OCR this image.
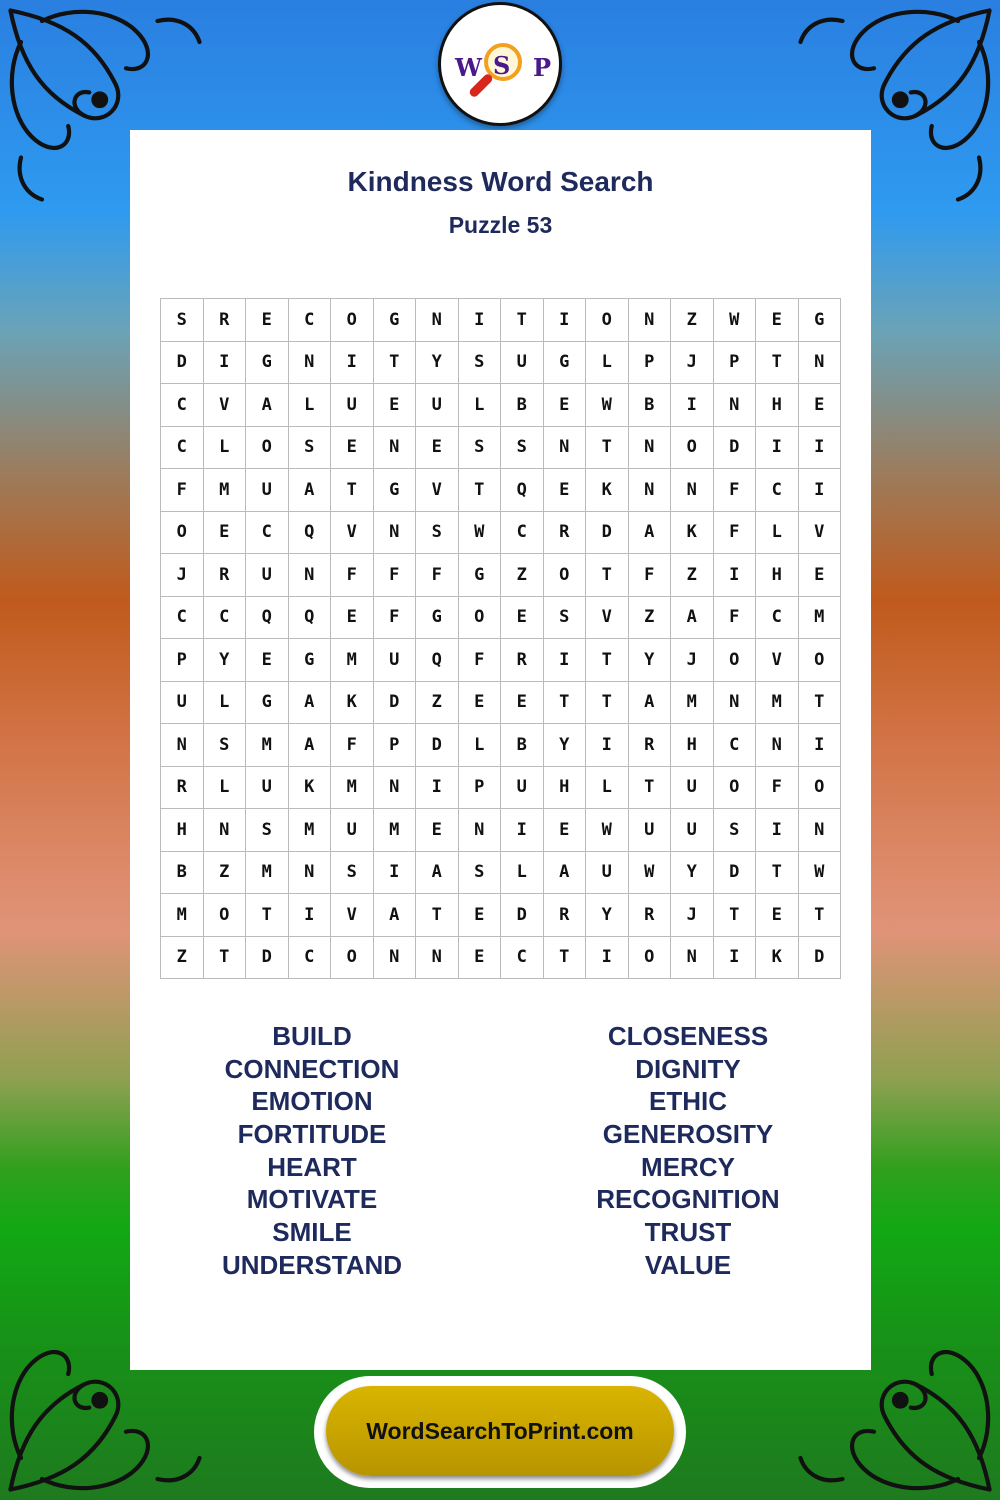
W S P
Kindness Word Search
Puzzle 53
S	R	E	C	O	G	N	I	T	I	O	N	Z	W	E	G
D	I	G	N	I	T	Y	S	U	G	L	P	J	P	T	N
C	V	A	L	U	E	U	L	B	E	W	B	I	N	H	E
C	L	O	S	E	N	E	S	S	N	T	N	O	D	I	I
F	M	U	A	T	G	V	T	Q	E	K	N	N	F	C	I
O	E	C	Q	V	N	S	W	C	R	D	A	K	F	L	V
J	R	U	N	F	F	F	G	Z	O	T	F	Z	I	H	E
C	C	Q	Q	E	F	G	O	E	S	V	Z	A	F	C	M
P	Y	E	G	M	U	Q	F	R	I	T	Y	J	O	V	O
U	L	G	A	K	D	Z	E	E	T	T	A	M	N	M	T
N	S	M	A	F	P	D	L	B	Y	I	R	H	C	N	I
R	L	U	K	M	N	I	P	U	H	L	T	U	O	F	O
H	N	S	M	U	M	E	N	I	E	W	U	U	S	I	N
B	Z	M	N	S	I	A	S	L	A	U	W	Y	D	T	W
M	O	T	I	V	A	T	E	D	R	Y	R	J	T	E	T
Z	T	D	C	O	N	N	E	C	T	I	O	N	I	K	D
BUILD
CONNECTION
EMOTION
FORTITUDE
HEART
MOTIVATE
SMILE
UNDERSTAND
CLOSENESS
DIGNITY
ETHIC
GENEROSITY
MERCY
RECOGNITION
TRUST
VALUE
WordSearchToPrint.com
